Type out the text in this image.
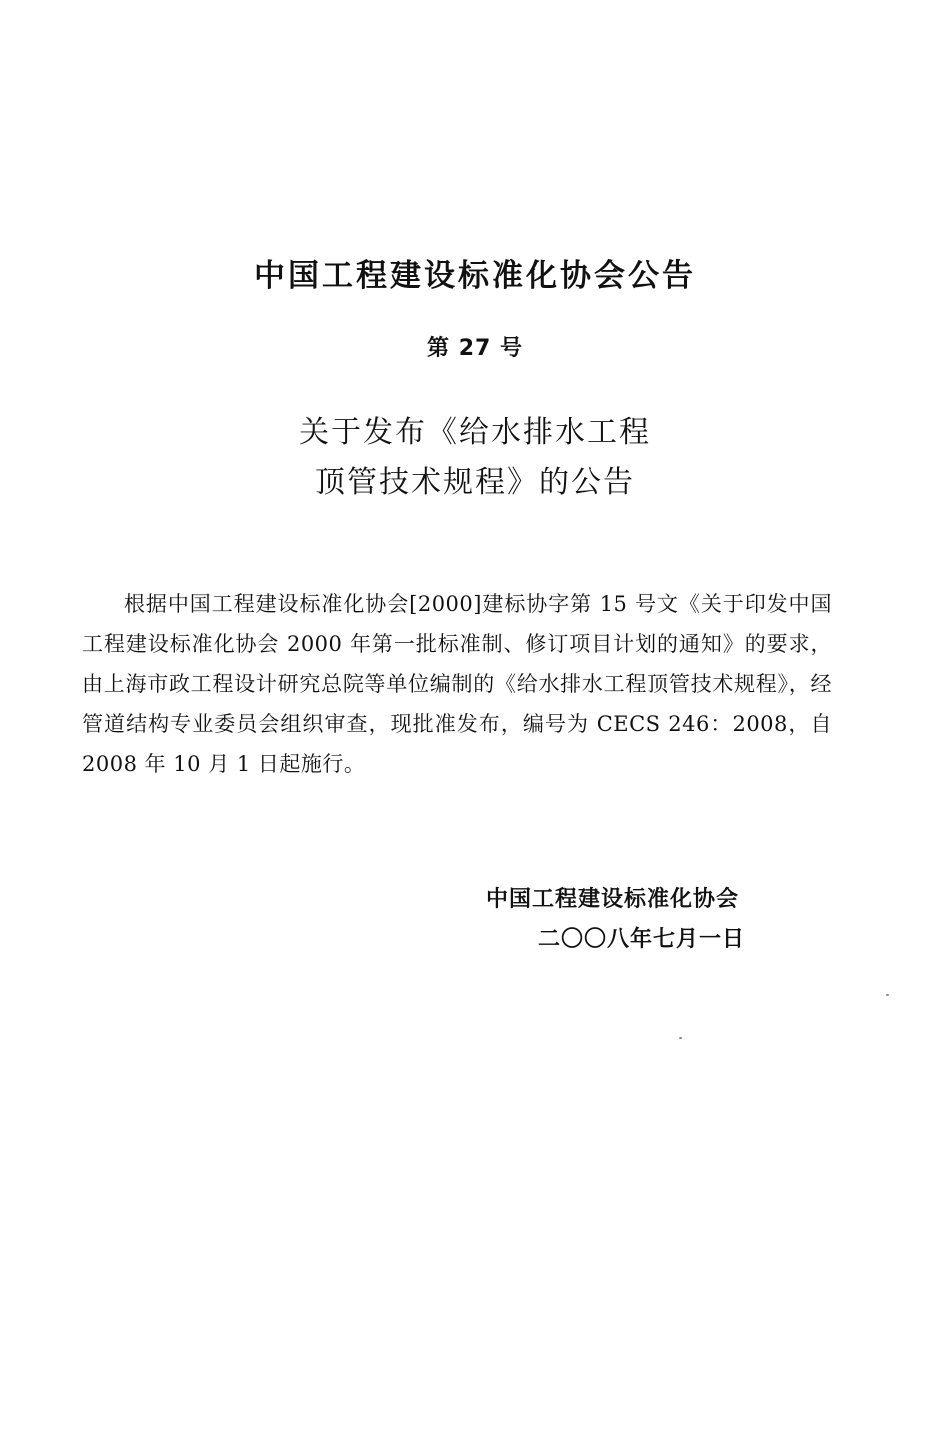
中国工程建设标准化协会公告
第 27 号
关于发布《给水排水工程
顶管技术规程》的公告

根据中国工程建设标准化协会[2000]建标协字第 15 号文《关于印发中国工程建设标准化协会 2000 年第一批标准制、修订项目计划的通知》的要求，由上海市政工程设计研究总院等单位编制的《给水排水工程顶管技术规程》，经管道结构专业委员会组织审查，现批准发布，编号为 CECS 246：2008，自 2008 年 10 月 1 日起施行。

中国工程建设标准化协会
二〇〇八年七月一日
